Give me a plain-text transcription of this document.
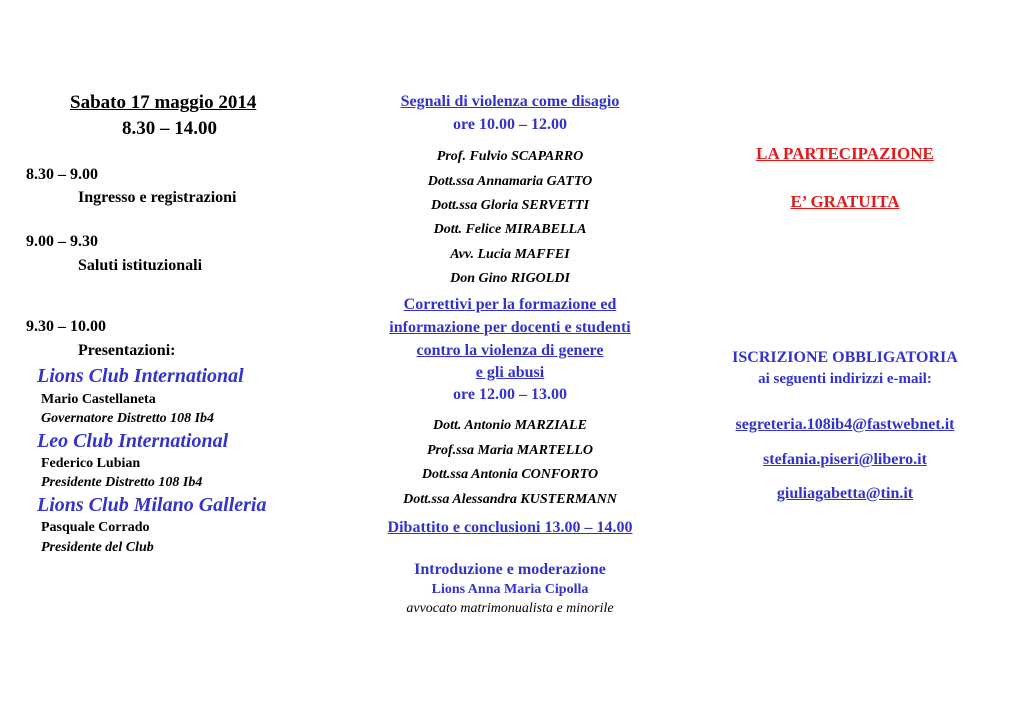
Sabato 17 maggio 2014
8.30 – 14.00
8.30 – 9.00
Ingresso e registrazioni
9.00 – 9.30
Saluti istituzionali
9.30 – 10.00
Presentazioni:
Lions Club International
Mario Castellaneta
Governatore Distretto 108 Ib4
Leo Club International
Federico Lubian
Presidente Distretto 108 Ib4
Lions Club Milano Galleria
Pasquale Corrado
Presidente del Club
Segnali di violenza come disagio
ore 10.00 – 12.00
Prof. Fulvio SCAPARRO
Dott.ssa Annamaria GATTO
Dott.ssa Gloria SERVETTI
Dott. Felice MIRABELLA
Avv. Lucia MAFFEI
Don Gino RIGOLDI
Correttivi per la formazione ed
informazione per docenti e studenti
contro la violenza di genere
e gli abusi
ore 12.00 – 13.00
Dott. Antonio MARZIALE
Prof.ssa Maria MARTELLO
Dott.ssa Antonia CONFORTO
Dott.ssa Alessandra KUSTERMANN
Dibattito e conclusioni 13.00 – 14.00
Introduzione e moderazione
Lions Anna Maria Cipolla
avvocato matrimonualista e minorile
LA PARTECIPAZIONE
E’ GRATUITA
ISCRIZIONE OBBLIGATORIA
ai seguenti indirizzi e-mail:
segreteria.108ib4@fastwebnet.it
stefania.piseri@libero.it
giuliagabetta@tin.it
